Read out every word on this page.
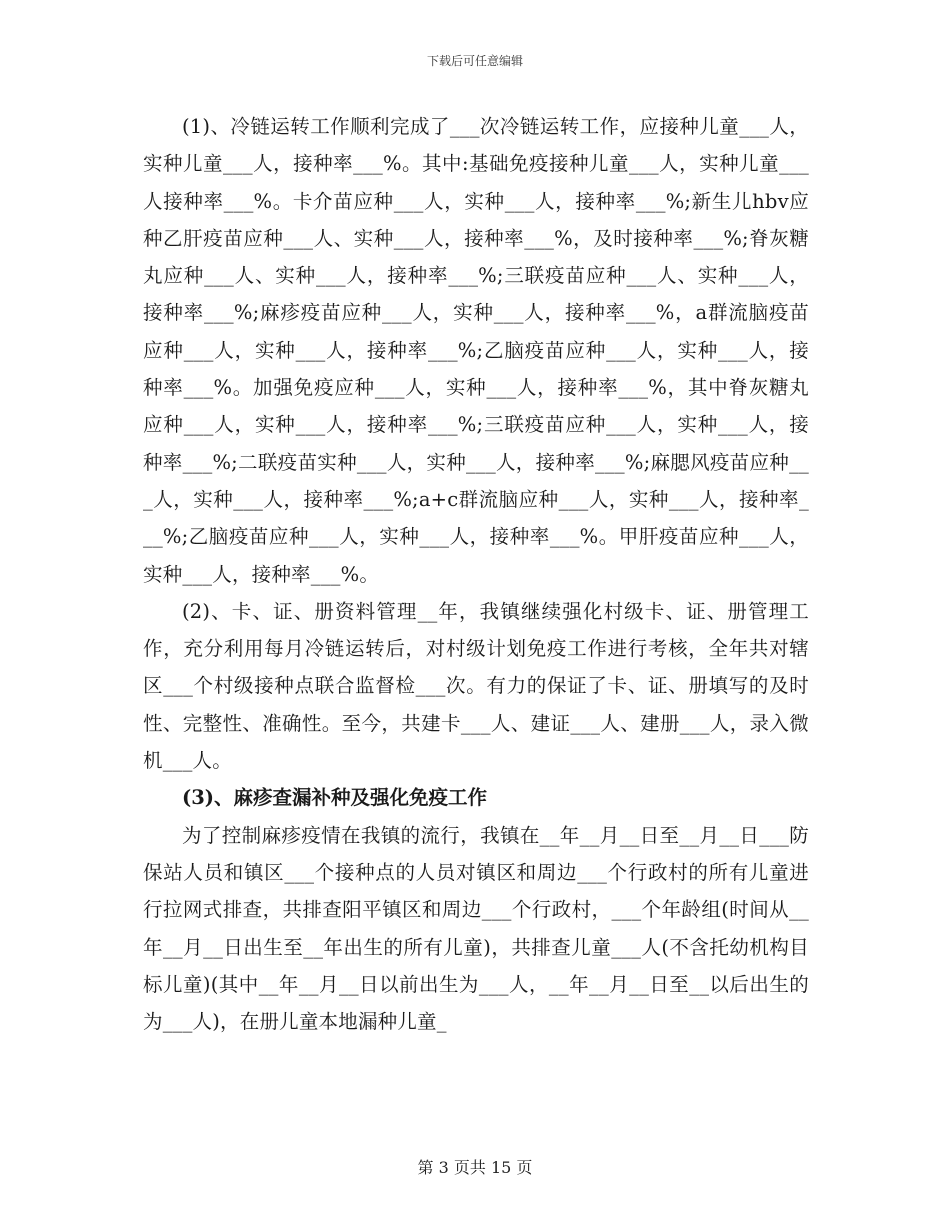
下载后可任意编辑

(1)、冷链运转工作顺利完成了___次冷链运转工作，应接种儿童___人，实种儿童___人，接种率___%。其中:基础免疫接种儿童___人，实种儿童___人接种率___%。卡介苗应种___人，实种___人，接种率___%;新生儿hbv应种乙肝疫苗应种___人、实种___人，接种率___%，及时接种率___%;脊灰糖丸应种___人、实种___人，接种率___%;三联疫苗应种___人、实种___人，接种率___%;麻疹疫苗应种___人，实种___人，接种率___%，a群流脑疫苗应种___人，实种___人，接种率___%;乙脑疫苗应种___人，实种___人，接种率___%。加强免疫应种___人，实种___人，接种率___%，其中脊灰糖丸应种___人，实种___人，接种率___%;三联疫苗应种___人，实种___人，接种率___%;二联疫苗实种___人，实种___人，接种率___%;麻腮风疫苗应种___人，实种___人，接种率___%;a+c群流脑应种___人，实种___人，接种率___%;乙脑疫苗应种___人，实种___人，接种率___%。甲肝疫苗应种___人，实种___人，接种率___%。

(2)、卡、证、册资料管理__年，我镇继续强化村级卡、证、册管理工作，充分利用每月冷链运转后，对村级计划免疫工作进行考核，全年共对辖区___个村级接种点联合监督检___次。有力的保证了卡、证、册填写的及时性、完整性、准确性。至今，共建卡___人、建证___人、建册___人，录入微机___人。

(3)、麻疹查漏补种及强化免疫工作

为了控制麻疹疫情在我镇的流行，我镇在__年__月__日至__月__日___防保站人员和镇区___个接种点的人员对镇区和周边___个行政村的所有儿童进行拉网式排查，共排查阳平镇区和周边___个行政村，___个年龄组(时间从__年__月__日出生至__年出生的所有儿童)，共排查儿童___人(不含托幼机构目标儿童)(其中__年__月__日以前出生为___人，__年__月__日至__以后出生的为___人)，在册儿童本地漏种儿童_

第 3 页共 15 页
